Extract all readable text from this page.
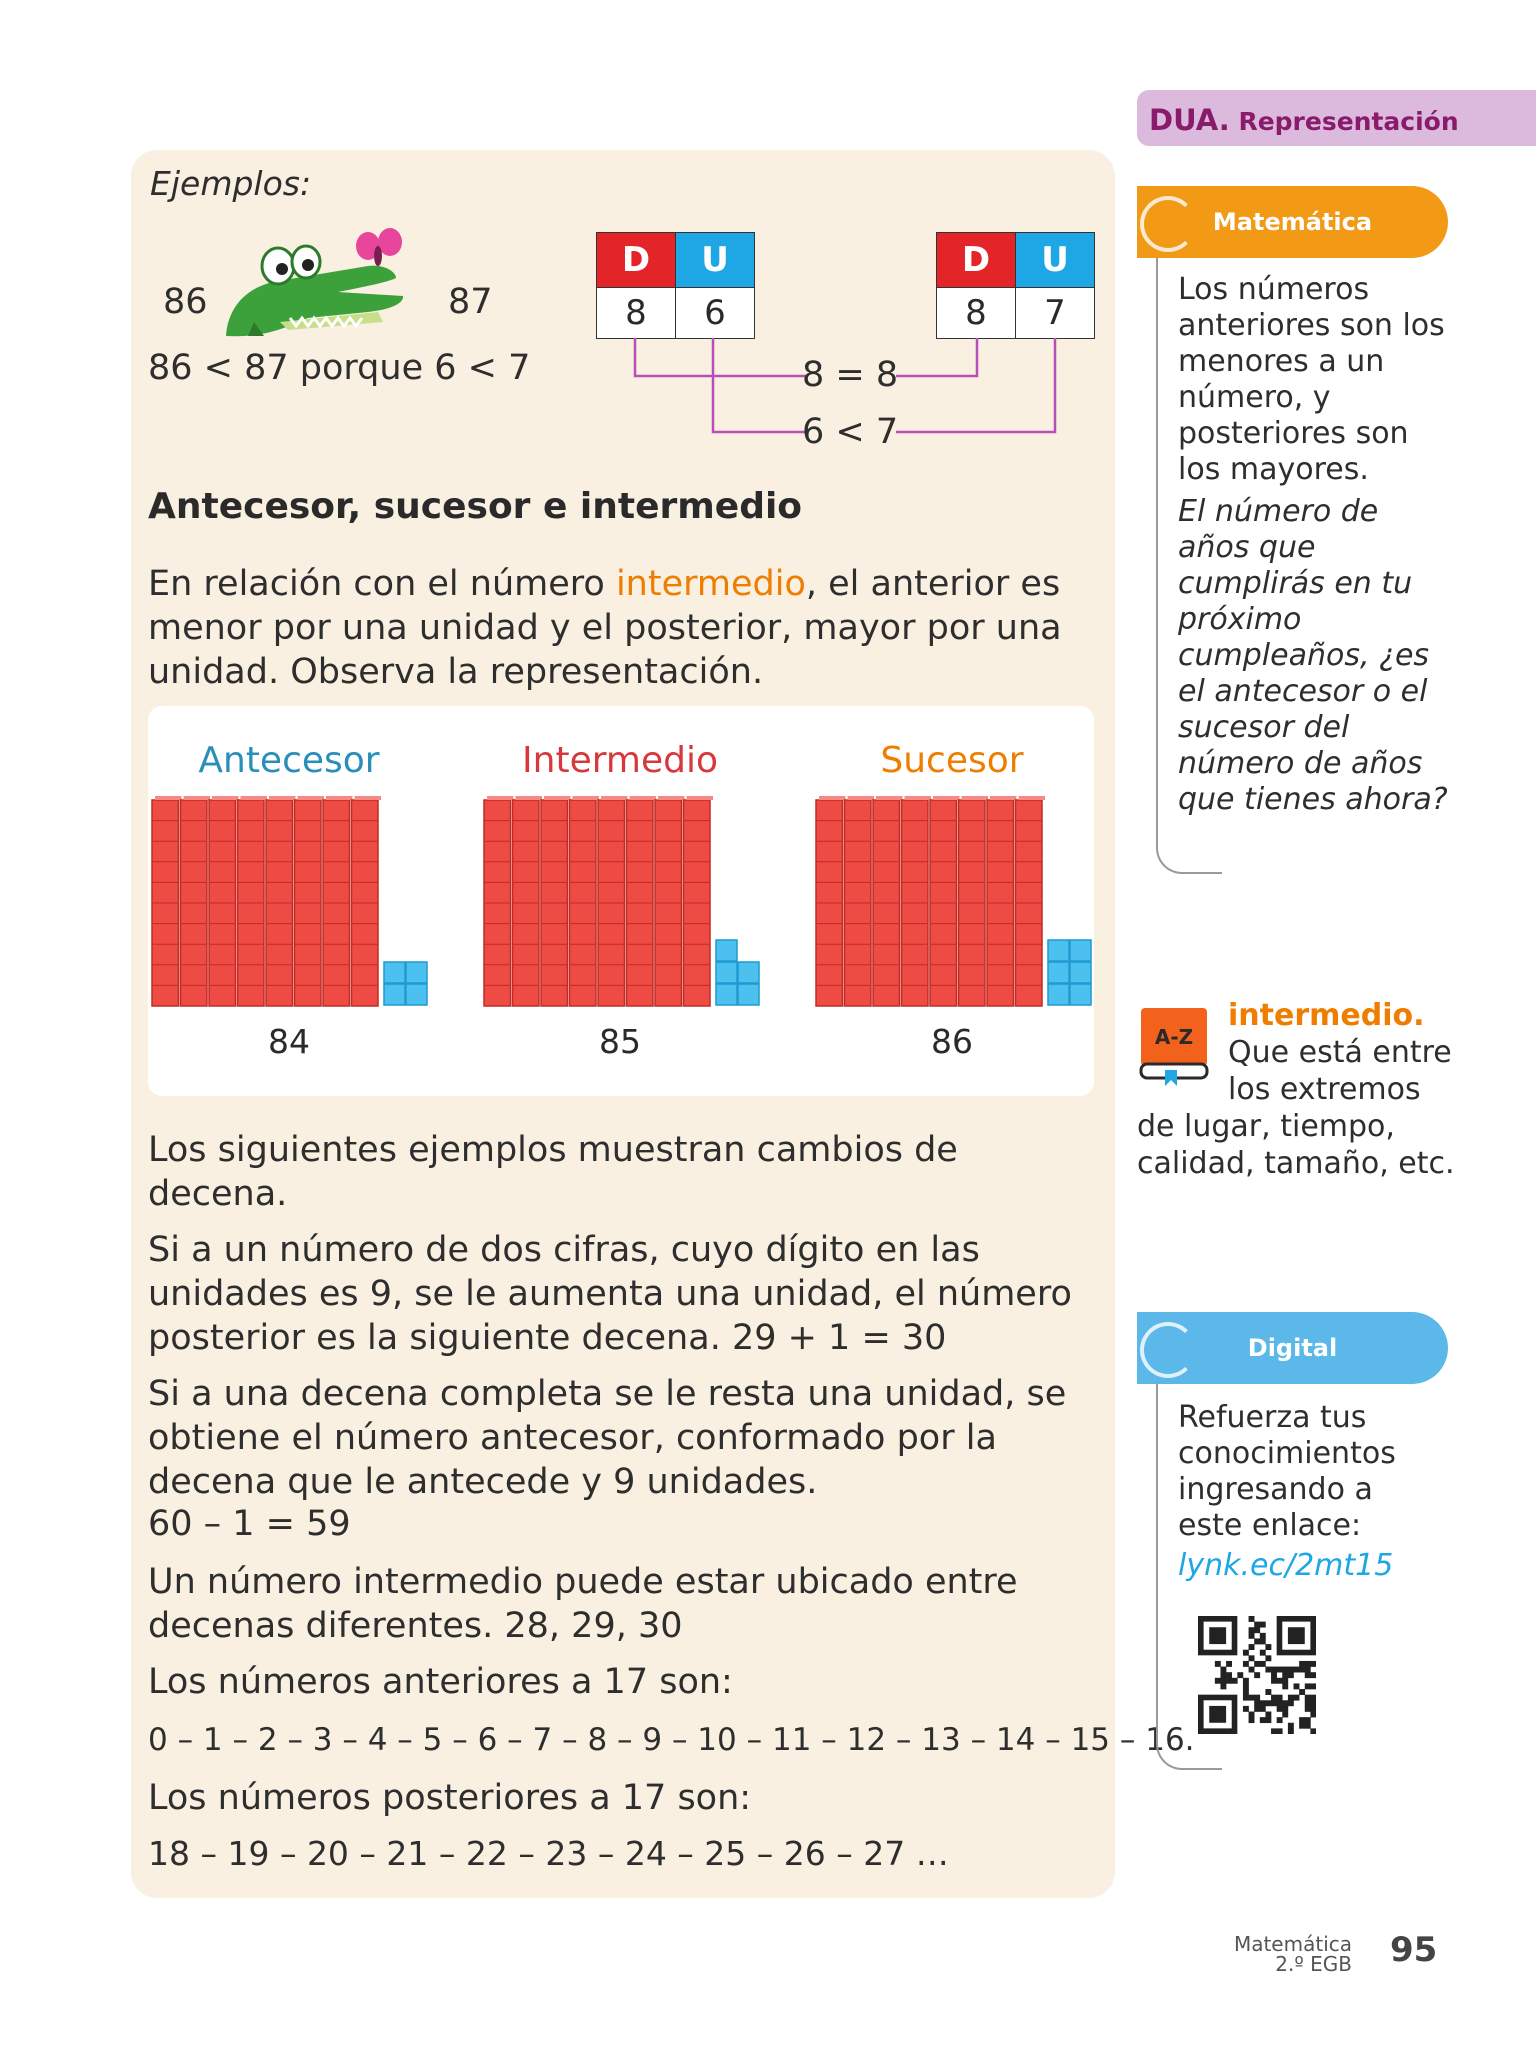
Ejemplos:
86	87
86 < 87 porque 6 < 7
D	U
8	6
D	U
8	7
8 = 8
6 < 7
Antecesor, sucesor e intermedio
En relación con el número intermedio, el anterior es menor por una unidad y el posterior, mayor por una unidad. Observa la representación.
Antecesor	Intermedio	Sucesor
84	85	86
Los siguientes ejemplos muestran cambios de decena.
Si a un número de dos cifras, cuyo dígito en las unidades es 9, se le aumenta una unidad, el número posterior es la siguiente decena. 29 + 1 = 30
Si a una decena completa se le resta una unidad, se obtiene el número antecesor, conformado por la decena que le antecede y 9 unidades.
60 – 1 = 59
Un número intermedio puede estar ubicado entre decenas diferentes. 28, 29, 30
Los números anteriores a 17 son:
0 – 1 – 2 – 3 – 4 – 5 – 6 – 7 – 8 – 9 – 10 – 11 – 12 – 13 – 14 – 15 – 16.
Los números posteriores a 17 son:
18 – 19 – 20 – 21 – 22 – 23 – 24 – 25 – 26 – 27 …
DUA. Representación
Matemática
Los números anteriores son los menores a un número, y posteriores son los mayores.
El número de años que cumplirás en tu próximo cumpleaños, ¿es el antecesor o el sucesor del número de años que tienes ahora?
A-Z
intermedio.
Que está entre los extremos
de lugar, tiempo, calidad, tamaño, etc.
Digital
Refuerza tus conocimientos ingresando a este enlace:
lynk.ec/2mt15
Matemática
2.º EGB 95
